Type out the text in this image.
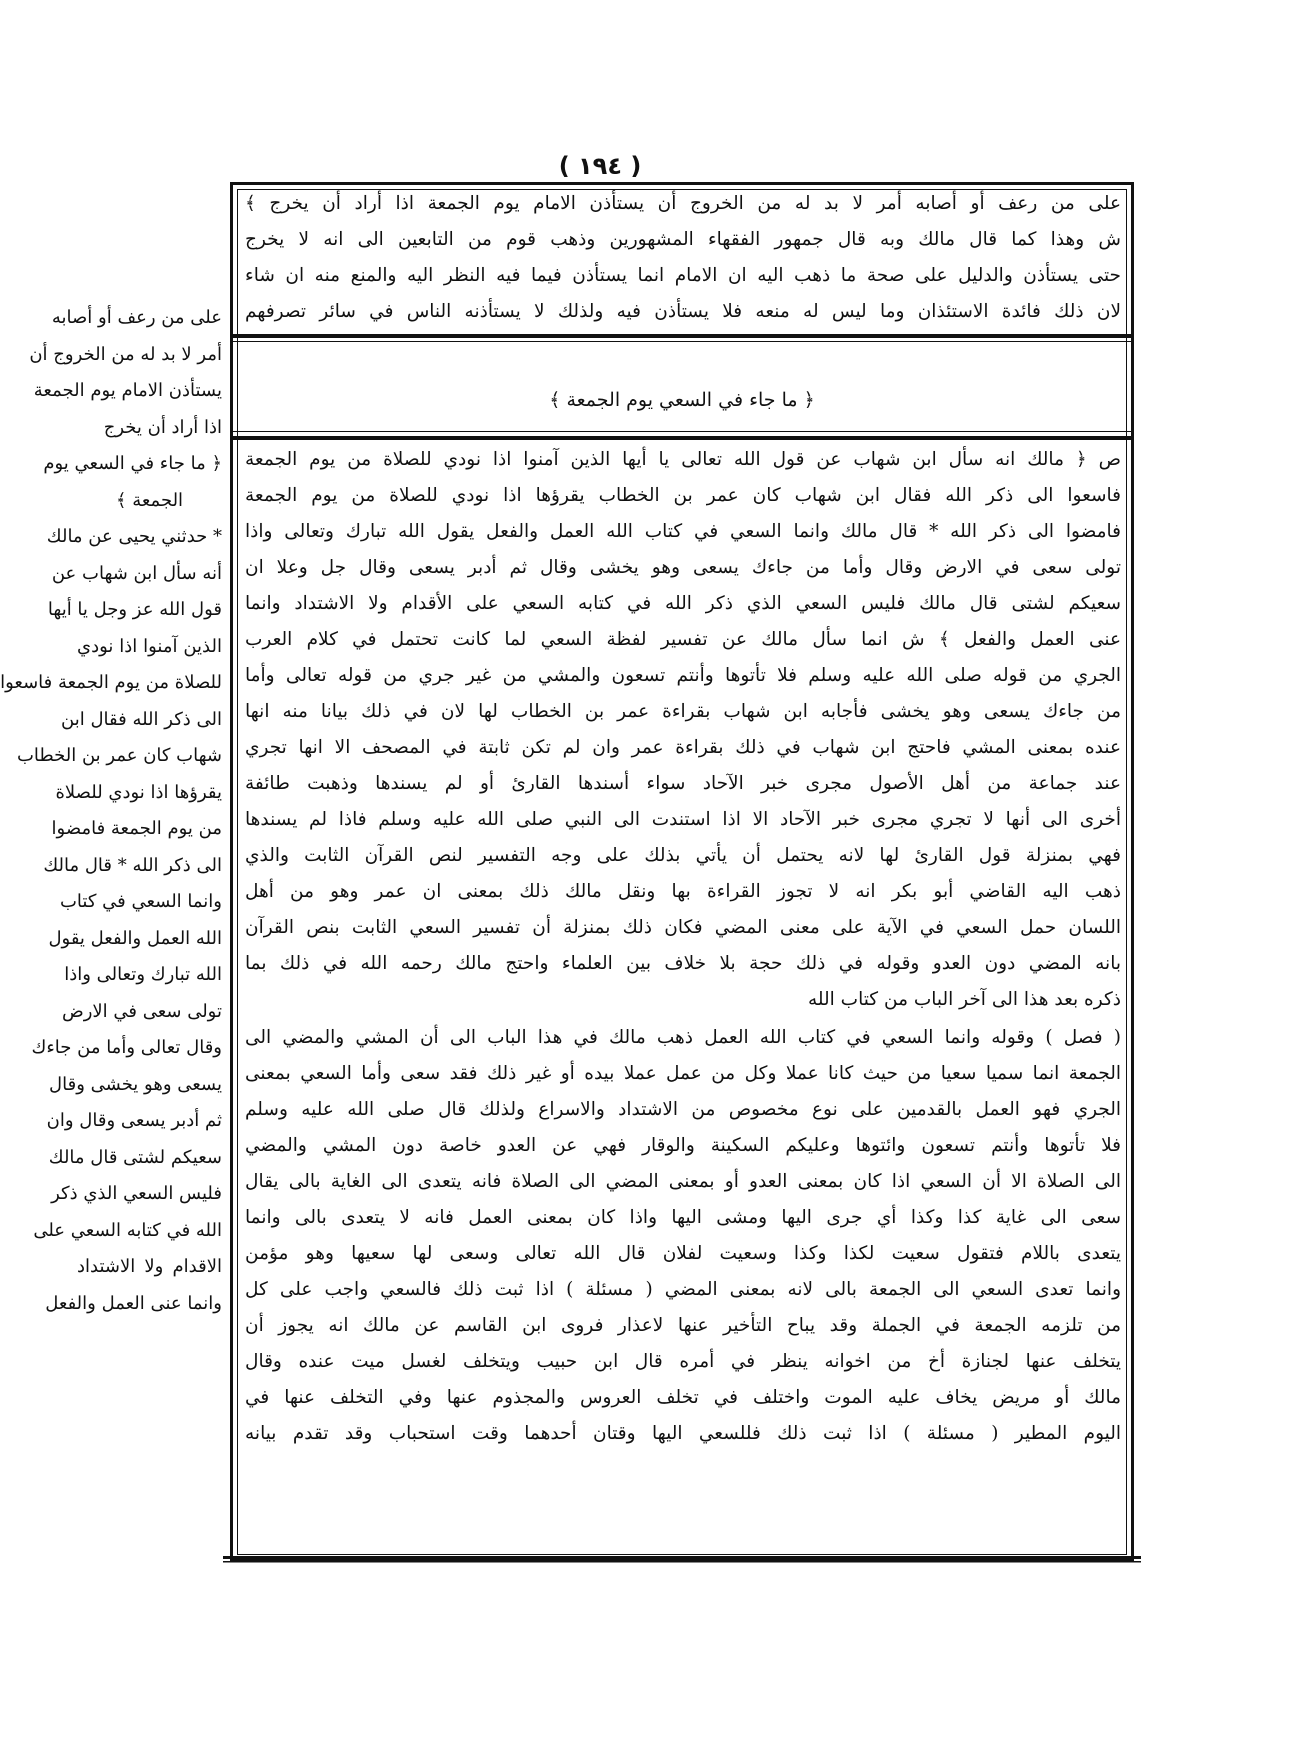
( ١٩٤ )
على من رعف أو أصابه أمر لا بد له من الخروج أن يستأذن الامام يوم الجمعة اذا أراد أن يخرج ﴾
ش وهذا كما قال مالك وبه قال جمهور الفقهاء المشهورين وذهب قوم من التابعين الى انه لا يخرج
حتى يستأذن والدليل على صحة ما ذهب اليه ان الامام انما يستأذن فيما فيه النظر اليه والمنع منه ان شاء
لان ذلك فائدة الاستئذان وما ليس له منعه فلا يستأذن فيه ولذلك لا يستأذنه الناس في سائر تصرفهم
﴿ ما جاء في السعي يوم الجمعة ﴾
ص ﴿ مالك انه سأل ابن شهاب عن قول الله تعالى يا أيها الذين آمنوا اذا نودي للصلاة من يوم الجمعة
فاسعوا الى ذكر الله فقال ابن شهاب كان عمر بن الخطاب يقرؤها اذا نودي للصلاة من يوم الجمعة
فامضوا الى ذكر الله * قال مالك وانما السعي في كتاب الله العمل والفعل يقول الله تبارك وتعالى واذا
تولى سعى في الارض وقال وأما من جاءك يسعى وهو يخشى وقال ثم أدبر يسعى وقال جل وعلا ان
سعيكم لشتى قال مالك فليس السعي الذي ذكر الله في كتابه السعي على الأقدام ولا الاشتداد وانما
عنى العمل والفعل ﴾ ش انما سأل مالك عن تفسير لفظة السعي لما كانت تحتمل في كلام العرب
الجري من قوله صلى الله عليه وسلم فلا تأتوها وأنتم تسعون والمشي من غير جري من قوله تعالى وأما
من جاءك يسعى وهو يخشى فأجابه ابن شهاب بقراءة عمر بن الخطاب لها لان في ذلك بيانا منه انها
عنده بمعنى المشي فاحتج ابن شهاب في ذلك بقراءة عمر وان لم تكن ثابتة في المصحف الا انها تجري
عند جماعة من أهل الأصول مجرى خبر الآحاد سواء أسندها القارئ أو لم يسندها وذهبت طائفة
أخرى الى أنها لا تجري مجرى خبر الآحاد الا اذا استندت الى النبي صلى الله عليه وسلم فاذا لم يسندها
فهي بمنزلة قول القارئ لها لانه يحتمل أن يأتي بذلك على وجه التفسير لنص القرآن الثابت والذي
ذهب اليه القاضي أبو بكر انه لا تجوز القراءة بها ونقل مالك ذلك بمعنى ان عمر وهو من أهل
اللسان حمل السعي في الآية على معنى المضي فكان ذلك بمنزلة أن تفسير السعي الثابت بنص القرآن
بانه المضي دون العدو وقوله في ذلك حجة بلا خلاف بين العلماء واحتج مالك رحمه الله في ذلك بما
ذكره بعد هذا الى آخر الباب من كتاب الله
( فصل ) وقوله وانما السعي في كتاب الله العمل ذهب مالك في هذا الباب الى أن المشي والمضي الى
الجمعة انما سميا سعيا من حيث كانا عملا وكل من عمل عملا بيده أو غير ذلك فقد سعى وأما السعي بمعنى
الجري فهو العمل بالقدمين على نوع مخصوص من الاشتداد والاسراع ولذلك قال صلى الله عليه وسلم
فلا تأتوها وأنتم تسعون وائتوها وعليكم السكينة والوقار فهي عن العدو خاصة دون المشي والمضي
الى الصلاة الا أن السعي اذا كان بمعنى العدو أو بمعنى المضي الى الصلاة فانه يتعدى الى الغاية بالى يقال
سعى الى غاية كذا وكذا أي جرى اليها ومشى اليها واذا كان بمعنى العمل فانه لا يتعدى بالى وانما
يتعدى باللام فتقول سعيت لكذا وكذا وسعيت لفلان قال الله تعالى وسعى لها سعيها وهو مؤمن
وانما تعدى السعي الى الجمعة بالى لانه بمعنى المضي ( مسئلة ) اذا ثبت ذلك فالسعي واجب على كل
من تلزمه الجمعة في الجملة وقد يباح التأخير عنها لاعذار فروى ابن القاسم عن مالك انه يجوز أن
يتخلف عنها لجنازة أخ من اخوانه ينظر في أمره قال ابن حبيب ويتخلف لغسل ميت عنده وقال
مالك أو مريض يخاف عليه الموت واختلف في تخلف العروس والمجذوم عنها وفي التخلف عنها في
اليوم المطير ( مسئلة ) اذا ثبت ذلك فللسعي اليها وقتان أحدهما وقت استحباب وقد تقدم بيانه
على من رعف أو أصابه
أمر لا بد له من الخروج أن
يستأذن الامام يوم الجمعة
اذا أراد أن يخرج
﴿ ما جاء في السعي يوم
الجمعة ﴾
* حدثني يحيى عن مالك
أنه سأل ابن شهاب عن
قول الله عز وجل يا أيها
الذين آمنوا اذا نودي
للصلاة من يوم الجمعة فاسعوا
الى ذكر الله فقال ابن
شهاب كان عمر بن الخطاب
يقرؤها اذا نودي للصلاة
من يوم الجمعة فامضوا
الى ذكر الله * قال مالك
وانما السعي في كتاب
الله العمل والفعل يقول
الله تبارك وتعالى واذا
تولى سعى في الارض
وقال تعالى وأما من جاءك
يسعى وهو يخشى وقال
ثم أدبر يسعى وقال وان
سعيكم لشتى قال مالك
فليس السعي الذي ذكر
الله في كتابه السعي على
الاقدام ولا الاشتداد
وانما عنى العمل والفعل
